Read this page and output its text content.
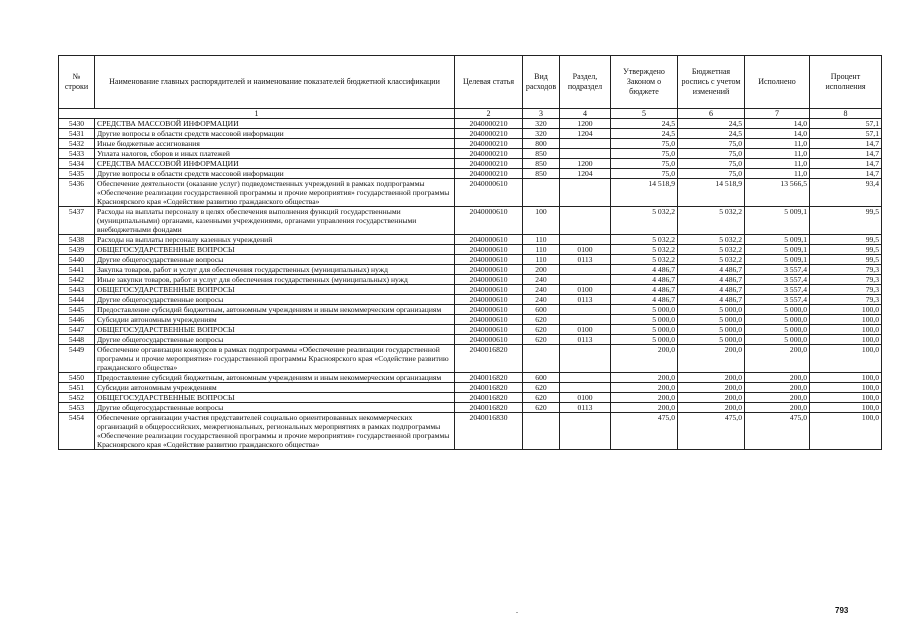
№ строки	Наименование главных распорядителей и наименование показателей бюджетной классификации	Целевая статья	Вид расходов	Раздел, подраздел	Утверждено Законом о бюджете	Бюджетная роспись с учетом изменений	Исполнено	Процент исполнения
1		2	3	4	5	6	7	8
5430	СРЕДСТВА МАССОВОЙ ИНФОРМАЦИИ	2040000210	320	1200	24,5	24,5	14,0	57,1
5431	Другие вопросы в области средств массовой информации	2040000210	320	1204	24,5	24,5	14,0	57,1
5432	Иные бюджетные ассигнования	2040000210	800		75,0	75,0	11,0	14,7
5433	Уплата налогов, сборов и иных платежей	2040000210	850		75,0	75,0	11,0	14,7
5434	СРЕДСТВА МАССОВОЙ ИНФОРМАЦИИ	2040000210	850	1200	75,0	75,0	11,0	14,7
5435	Другие вопросы в области средств массовой информации	2040000210	850	1204	75,0	75,0	11,0	14,7
5436	Обеспечение деятельности (оказание услуг) подведомственных учреждений в рамках подпрограммы «Обеспечение реализации государственной программы и прочие мероприятия» государственной программы Красноярского края «Содействие развитию гражданского общества»	2040000610			14 518,9	14 518,9	13 566,5	93,4
5437	Расходы на выплаты персоналу в целях обеспечения выполнения функций государственными (муниципальными) органами, казенными учреждениями, органами управления государственными внебюджетными фондами	2040000610	100		5 032,2	5 032,2	5 009,1	99,5
5438	Расходы на выплаты персоналу казенных учреждений	2040000610	110		5 032,2	5 032,2	5 009,1	99,5
5439	ОБЩЕГОСУДАРСТВЕННЫЕ ВОПРОСЫ	2040000610	110	0100	5 032,2	5 032,2	5 009,1	99,5
5440	Другие общегосударственные вопросы	2040000610	110	0113	5 032,2	5 032,2	5 009,1	99,5
5441	Закупка товаров, работ и услуг для обеспечения государственных (муниципальных) нужд	2040000610	200		4 486,7	4 486,7	3 557,4	79,3
5442	Иные закупки товаров, работ и услуг для обеспечения государственных (муниципальных) нужд	2040000610	240		4 486,7	4 486,7	3 557,4	79,3
5443	ОБЩЕГОСУДАРСТВЕННЫЕ ВОПРОСЫ	2040000610	240	0100	4 486,7	4 486,7	3 557,4	79,3
5444	Другие общегосударственные вопросы	2040000610	240	0113	4 486,7	4 486,7	3 557,4	79,3
5445	Предоставление субсидий бюджетным, автономным учреждениям и иным некоммерческим организациям	2040000610	600		5 000,0	5 000,0	5 000,0	100,0
5446	Субсидии автономным учреждениям	2040000610	620		5 000,0	5 000,0	5 000,0	100,0
5447	ОБЩЕГОСУДАРСТВЕННЫЕ ВОПРОСЫ	2040000610	620	0100	5 000,0	5 000,0	5 000,0	100,0
5448	Другие общегосударственные вопросы	2040000610	620	0113	5 000,0	5 000,0	5 000,0	100,0
5449	Обеспечение организации конкурсов в рамках подпрограммы «Обеспечение реализации государственной программы и прочие мероприятия» государственной программы Красноярского края «Содействие развитию гражданского общества»	2040016820			200,0	200,0	200,0	100,0
5450	Предоставление субсидий бюджетным, автономным учреждениям и иным некоммерческим организациям	2040016820	600		200,0	200,0	200,0	100,0
5451	Субсидии автономным учреждениям	2040016820	620		200,0	200,0	200,0	100,0
5452	ОБЩЕГОСУДАРСТВЕННЫЕ ВОПРОСЫ	2040016820	620	0100	200,0	200,0	200,0	100,0
5453	Другие общегосударственные вопросы	2040016820	620	0113	200,0	200,0	200,0	100,0
5454	Обеспечение организации участия представителей социально ориентированных некоммерческих организаций в общероссийских, межрегиональных, региональных мероприятиях в рамках подпрограммы «Обеспечение реализации государственной программы и прочие мероприятия» государственной программы Красноярского края «Содействие развитию гражданского общества»	2040016830			475,0	475,0	475,0	100,0
.	793
